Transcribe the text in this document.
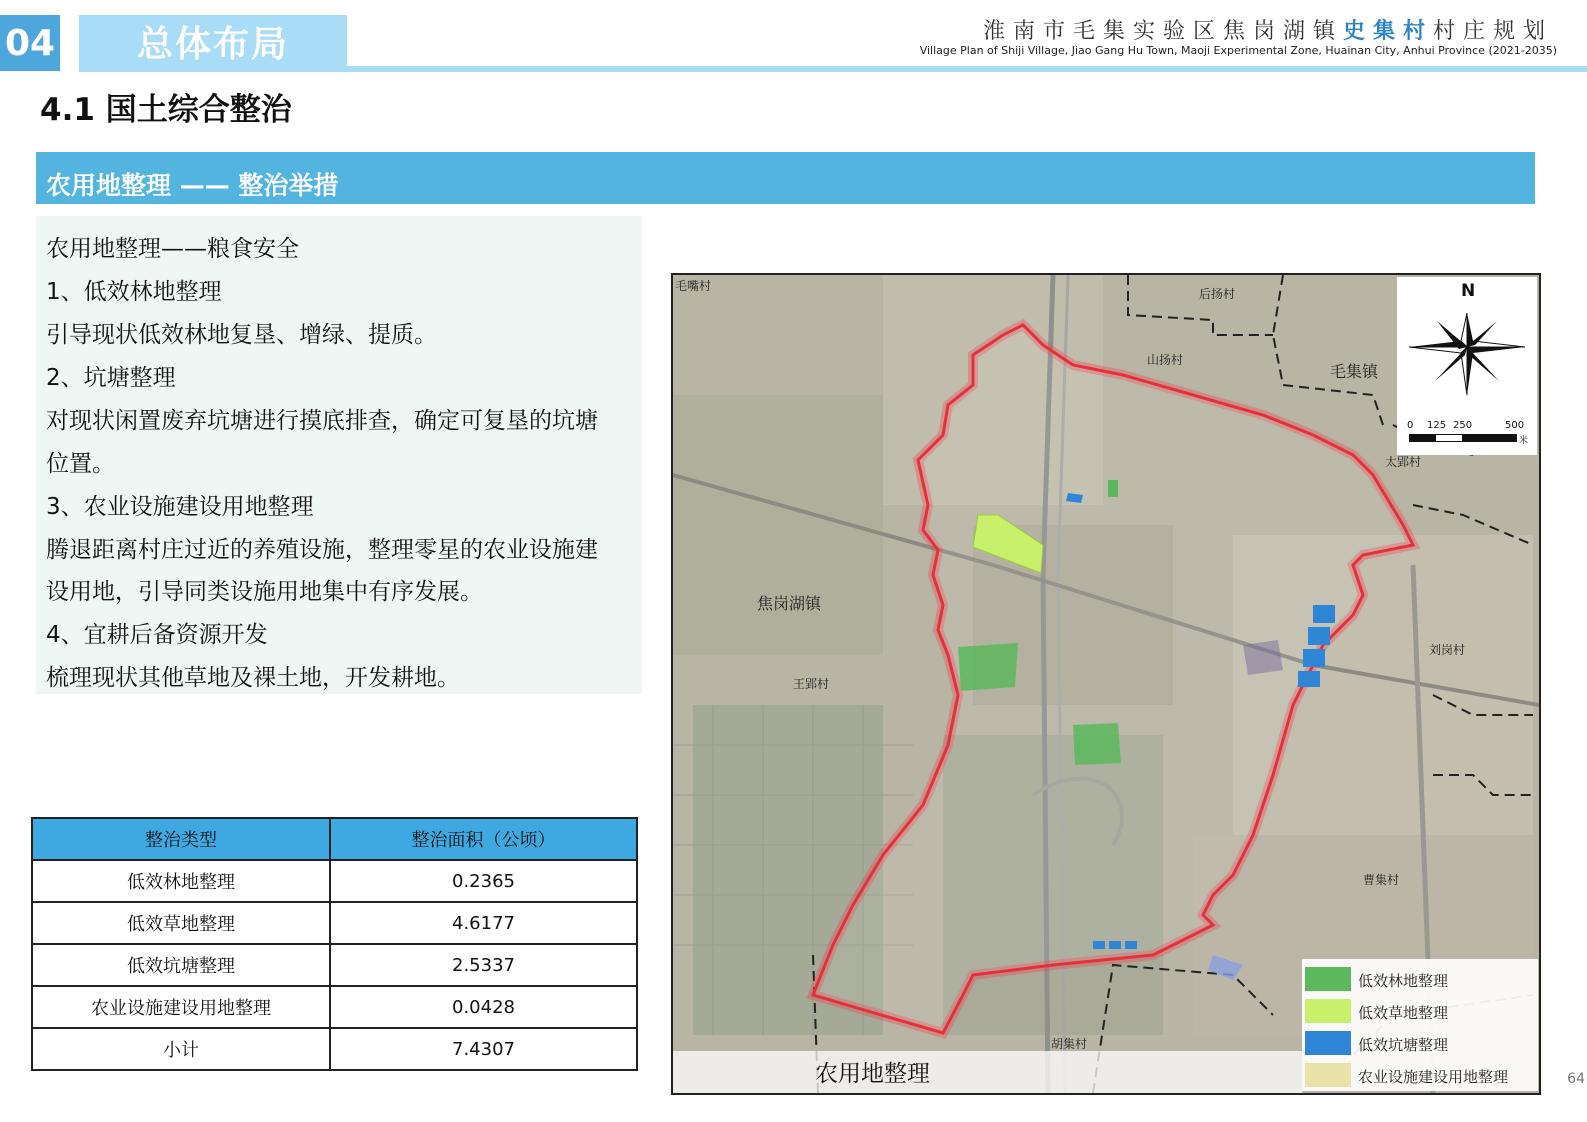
04	总体布局	淮南市毛集实验区焦岗湖镇史集村村庄规划
Village Plan of Shiji Village, Jiao Gang Hu Town, Maoji Experimental Zone, Huainan City, Anhui Province (2021-2035)
4.1 国土综合整治
农用地整理 —— 整治举措
农用地整理——粮食安全
1、低效林地整理
引导现状低效林地复垦、增绿、提质。
2、坑塘整理
对现状闲置废弃坑塘进行摸底排查，确定可复垦的坑塘
位置。
3、农业设施建设用地整理
腾退距离村庄过近的养殖设施，整理零星的农业设施建
设用地，引导同类设施用地集中有序发展。
4、宜耕后备资源开发
梳理现状其他草地及裸土地，开发耕地。
整治类型	整治面积（公顷）
低效林地整理	0.2365
低效草地整理	4.6177
低效坑塘整理	2.5337
农业设施建设用地整理	0.0428
小计	7.4307
毛嘴村
后扬村
山扬村
毛集镇
太郢村
焦岗湖镇
王郢村
刘岗村
曹集村
胡集村
N
0 125 250	500
米
农用地整理
低效林地整理
低效草地整理
低效坑塘整理
农业设施建设用地整理	64
